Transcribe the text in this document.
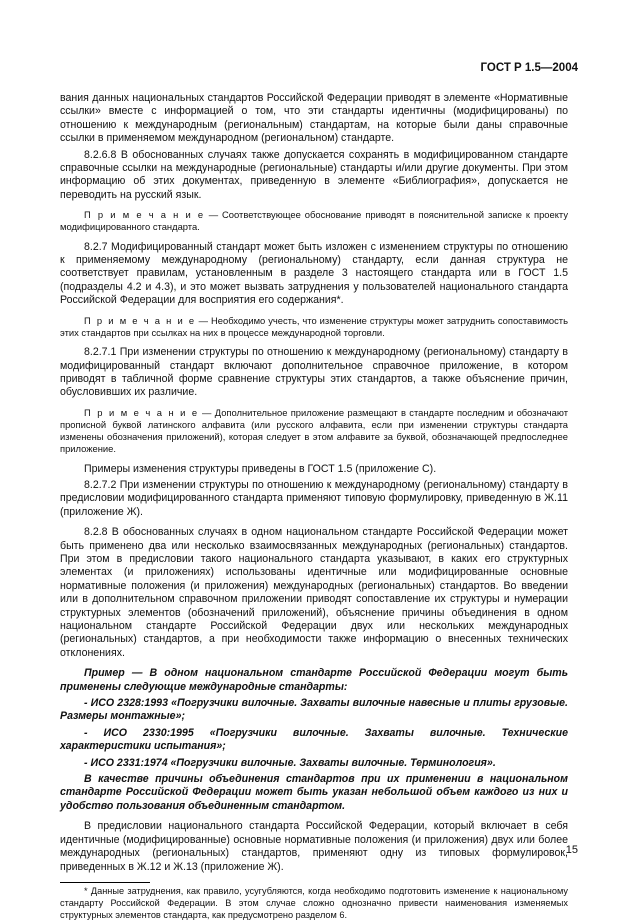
ГОСТ Р 1.5—2004

вания данных национальных стандартов Российской Федерации приводят в элементе «Нормативные ссылки» вместе с информацией о том, что эти стандарты идентичны (модифицированы) по отношению к международным (региональным) стандартам, на которые были даны справочные ссылки в применяемом международном (региональном) стандарте.

8.2.6.8 В обоснованных случаях также допускается сохранять в модифицированном стандарте справочные ссылки на международные (региональные) стандарты и/или другие документы. При этом информацию об этих документах, приведенную в элементе «Библиография», допускается не переводить на русский язык.

П р и м е ч а н и е — Соответствующее обоснование приводят в пояснительной записке к проекту модифицированного стандарта.

8.2.7 Модифицированный стандарт может быть изложен с изменением структуры по отношению к применяемому международному (региональному) стандарту, если данная структура не соответствует правилам, установленным в разделе 3 настоящего стандарта или в ГОСТ 1.5 (подразделы 4.2 и 4.3), и это может вызвать затруднения у пользователей национального стандарта Российской Федерации для восприятия его содержания*.

П р и м е ч а н и е — Необходимо учесть, что изменение структуры может затруднить сопоставимость этих стандартов при ссылках на них в процессе международной торговли.

8.2.7.1 При изменении структуры по отношению к международному (региональному) стандарту в модифицированный стандарт включают дополнительное справочное приложение, в котором приводят в табличной форме сравнение структуры этих стандартов, а также объяснение причин, обусловивших их различие.

П р и м е ч а н и е — Дополнительное приложение размещают в стандарте последним и обозначают прописной буквой латинского алфавита (или русского алфавита, если при изменении структуры стандарта изменены обозначения приложений), которая следует в этом алфавите за буквой, обозначающей предпоследнее приложение.

Примеры изменения структуры приведены в ГОСТ 1.5 (приложение С).

8.2.7.2 При изменении структуры по отношению к международному (региональному) стандарту в предисловии модифицированного стандарта применяют типовую формулировку, приведенную в Ж.11 (приложение Ж).

8.2.8 В обоснованных случаях в одном национальном стандарте Российской Федерации может быть применено два или несколько взаимосвязанных международных (региональных) стандартов. При этом в предисловии такого национального стандарта указывают, в каких его структурных элементах (и приложениях) использованы идентичные или модифицированные основные нормативные положения (и приложения) международных (региональных) стандартов. Во введении или в дополнительном справочном приложении приводят сопоставление их структуры и нумерации структурных элементов (обозначений приложений), объяснение причины объединения в одном национальном стандарте Российской Федерации двух или нескольких международных (региональных) стандартов, а при необходимости также информацию о внесенных технических отклонениях.

Пример — В одном национальном стандарте Российской Федерации могут быть применены следующие международные стандарты:

- ИСО 2328:1993 «Погрузчики вилочные. Захваты вилочные навесные и плиты грузовые. Размеры монтажные»;

- ИСО 2330:1995 «Погрузчики вилочные. Захваты вилочные. Технические характеристики испытания»;

- ИСО 2331:1974 «Погрузчики вилочные. Захваты вилочные. Терминология».

В качестве причины объединения стандартов при их применении в национальном стандарте Российской Федерации может быть указан небольшой объем каждого из них и удобство пользования объединенным стандартом.

В предисловии национального стандарта Российской Федерации, который включает в себя идентичные (модифицированные) основные нормативные положения (и приложения) двух или более международных (региональных) стандартов, применяют одну из типовых формулировок, приведенных в Ж.12 и Ж.13 (приложение Ж).

* Данные затруднения, как правило, усугубляются, когда необходимо подготовить изменение к национальному стандарту Российской Федерации. В этом случае сложно однозначно привести наименования изменяемых структурных элементов стандарта, как предусмотрено разделом 6.

15
